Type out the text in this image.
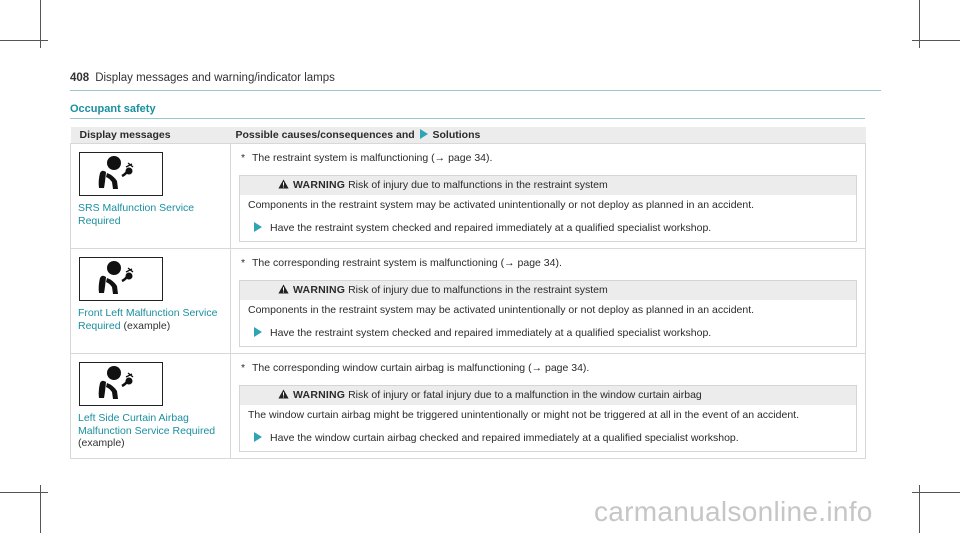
408 Display messages and warning/indicator lamps
Occupant safety
Display messages	Possible causes/consequences and Solutions

SRS Malfunction Service Required	* The restraint system is malfunctioning (→ page 34).
WARNING Risk of injury due to malfunctions in the restraint system
Components in the restraint system may be activated unintentionally or not deploy as planned in an accident.
Have the restraint system checked and repaired immediately at a qualified specialist workshop.

Front Left Malfunction Service Required (example)	* The corresponding restraint system is malfunctioning (→ page 34).
WARNING Risk of injury due to malfunctions in the restraint system
Components in the restraint system may be activated unintentionally or not deploy as planned in an accident.
Have the restraint system checked and repaired immediately at a qualified specialist workshop.

Left Side Curtain Airbag Malfunction Service Required (example)	* The corresponding window curtain airbag is malfunctioning (→ page 34).
WARNING Risk of injury or fatal injury due to a malfunction in the window curtain airbag
The window curtain airbag might be triggered unintentionally or might not be triggered at all in the event of an accident.
Have the window curtain airbag checked and repaired immediately at a qualified specialist workshop.
carmanualsonline.info
